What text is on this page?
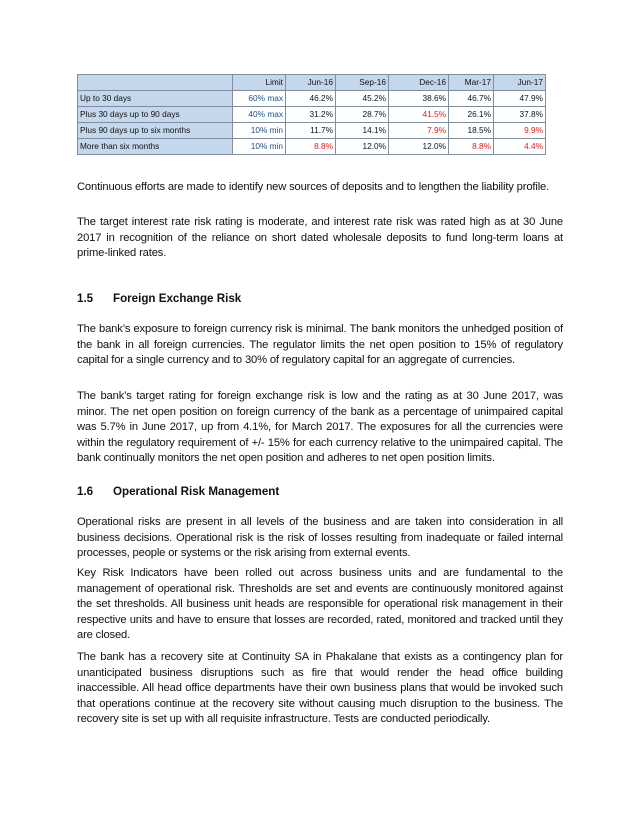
	Limit	Jun-16	Sep-16	Dec-16	Mar-17	Jun-17
Up to 30 days	60% max	46.2%	45.2%	38.6%	46.7%	47.9%
Plus 30 days up to 90 days	40% max	31.2%	28.7%	41.5%	26.1%	37.8%
Plus 90 days up to six months	10% min	11.7%	14.1%	7.9%	18.5%	9.9%
More than six months	10% min	8.8%	12.0%	12.0%	8.8%	4.4%

Continuous efforts are made to identify new sources of deposits and to lengthen the liability profile.

The target interest rate risk rating is moderate, and interest rate risk was rated high as at 30 June 2017 in recognition of the reliance on short dated wholesale deposits to fund long-term loans at prime-linked rates.

1.5 Foreign Exchange Risk

The bank’s exposure to foreign currency risk is minimal. The bank monitors the unhedged position of the bank in all foreign currencies. The regulator limits the net open position to 15% of regulatory capital for a single currency and to 30% of regulatory capital for an aggregate of currencies.

The bank’s target rating for foreign exchange risk is low and the rating as at 30 June 2017, was minor. The net open position on foreign currency of the bank as a percentage of unimpaired capital was 5.7% in June 2017, up from 4.1%, for March 2017. The exposures for all the currencies were within the regulatory requirement of +/- 15% for each currency relative to the unimpaired capital. The bank continually monitors the net open position and adheres to net open position limits.

1.6 Operational Risk Management

Operational risks are present in all levels of the business and are taken into consideration in all business decisions. Operational risk is the risk of losses resulting from inadequate or failed internal processes, people or systems or the risk arising from external events.

Key Risk Indicators have been rolled out across business units and are fundamental to the management of operational risk. Thresholds are set and events are continuously monitored against the set thresholds. All business unit heads are responsible for operational risk management in their respective units and have to ensure that losses are recorded, rated, monitored and tracked until they are closed.

The bank has a recovery site at Continuity SA in Phakalane that exists as a contingency plan for unanticipated business disruptions such as fire that would render the head office building inaccessible. All head office departments have their own business plans that would be invoked such that operations continue at the recovery site without causing much disruption to the business. The recovery site is set up with all requisite infrastructure. Tests are conducted periodically.
